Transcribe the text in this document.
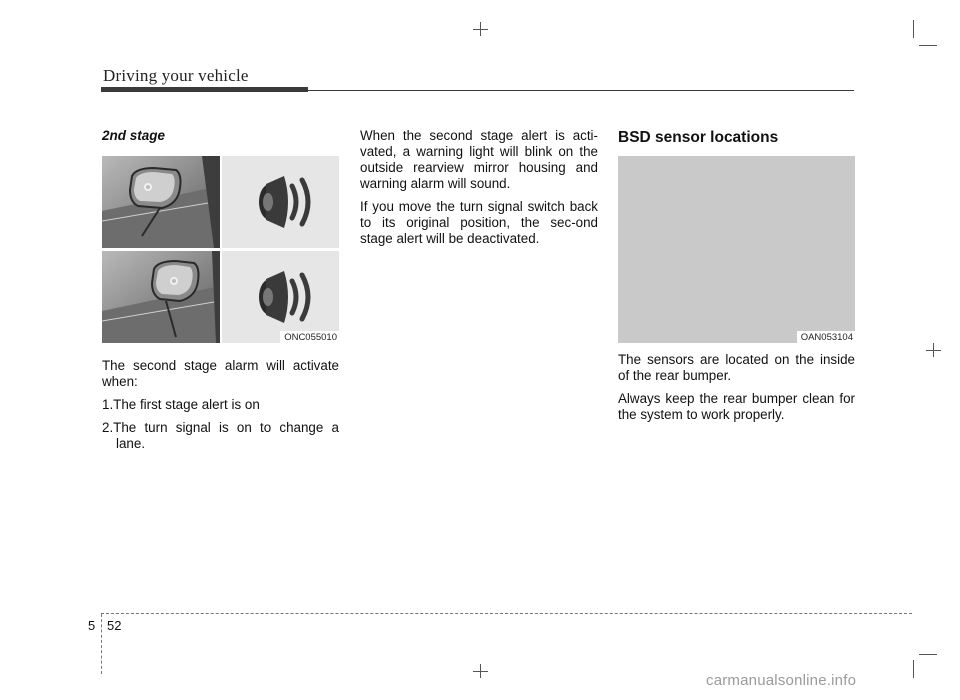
Driving your vehicle
2nd stage
ONC055010

The second stage alarm will activate when:

1.The first stage alert is on

2.The turn signal is on to change a lane.

When the second stage alert is acti-vated, a warning light will blink on the outside rearview mirror housing and warning alarm will sound.

If you move the turn signal switch back to its original position, the sec-ond stage alert will be deactivated.

BSD sensor locations
OAN053104

The sensors are located on the inside of the rear bumper.

Always keep the rear bumper clean for the system to work properly.

5 52
carmanualsonline.info
